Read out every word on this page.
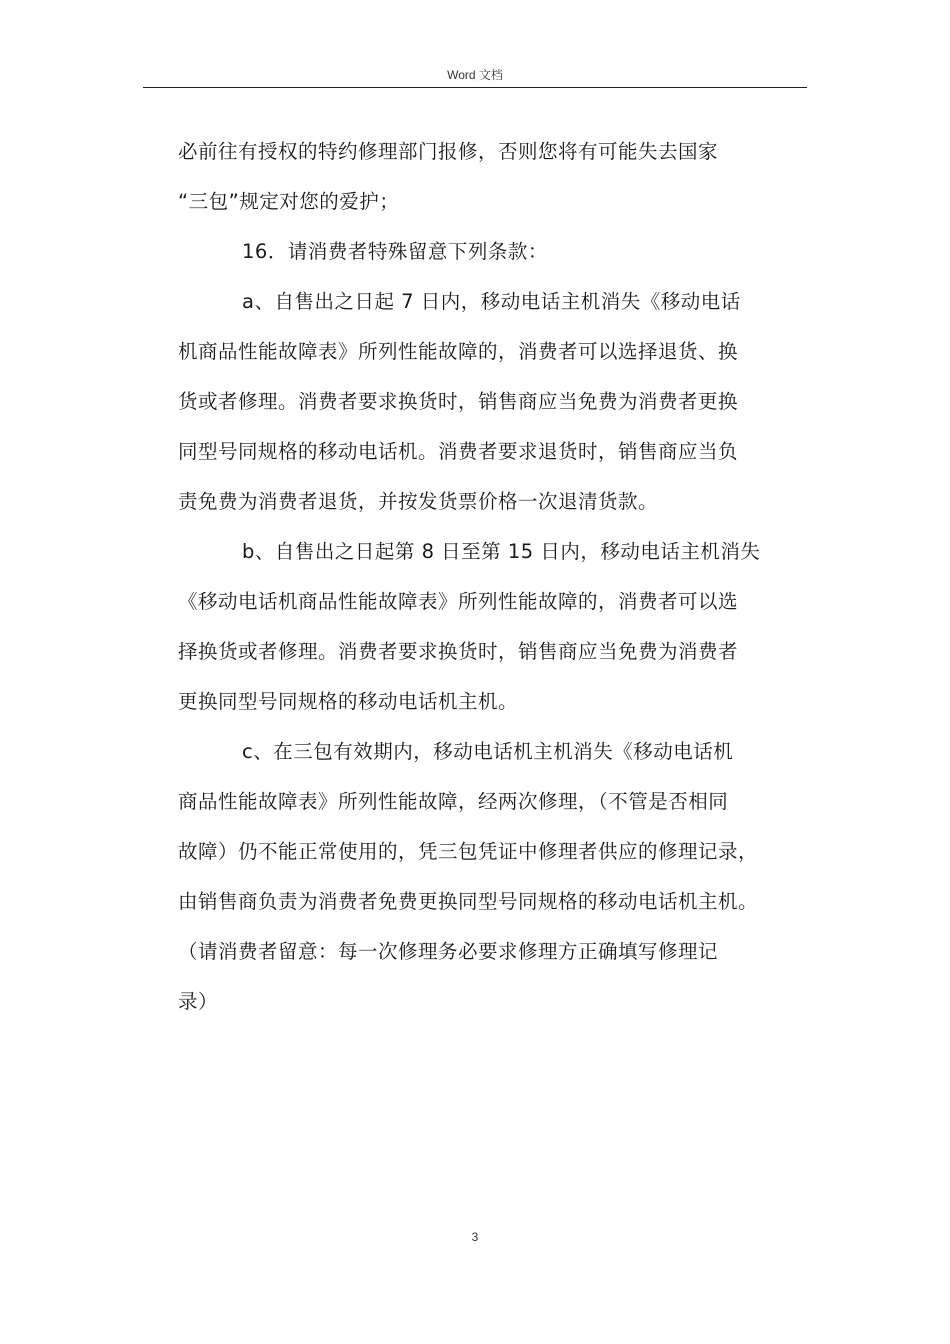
Word 文档
必前往有授权的特约修理部门报修，否则您将有可能失去国家
“三包”规定对您的爱护；
16．请消费者特殊留意下列条款：
a、自售出之日起 7 日内，移动电话主机消失《移动电话
机商品性能故障表》所列性能故障的，消费者可以选择退货、换
货或者修理。消费者要求换货时，销售商应当免费为消费者更换
同型号同规格的移动电话机。消费者要求退货时，销售商应当负
责免费为消费者退货，并按发货票价格一次退清货款。
b、自售出之日起第 8 日至第 15 日内，移动电话主机消失
《移动电话机商品性能故障表》所列性能故障的，消费者可以选
择换货或者修理。消费者要求换货时，销售商应当免费为消费者
更换同型号同规格的移动电话机主机。
c、在三包有效期内，移动电话机主机消失《移动电话机
商品性能故障表》所列性能故障，经两次修理，（不管是否相同
故障）仍不能正常使用的，凭三包凭证中修理者供应的修理记录，
由销售商负责为消费者免费更换同型号同规格的移动电话机主机。
（请消费者留意：每一次修理务必要求修理方正确填写修理记
录）
3
